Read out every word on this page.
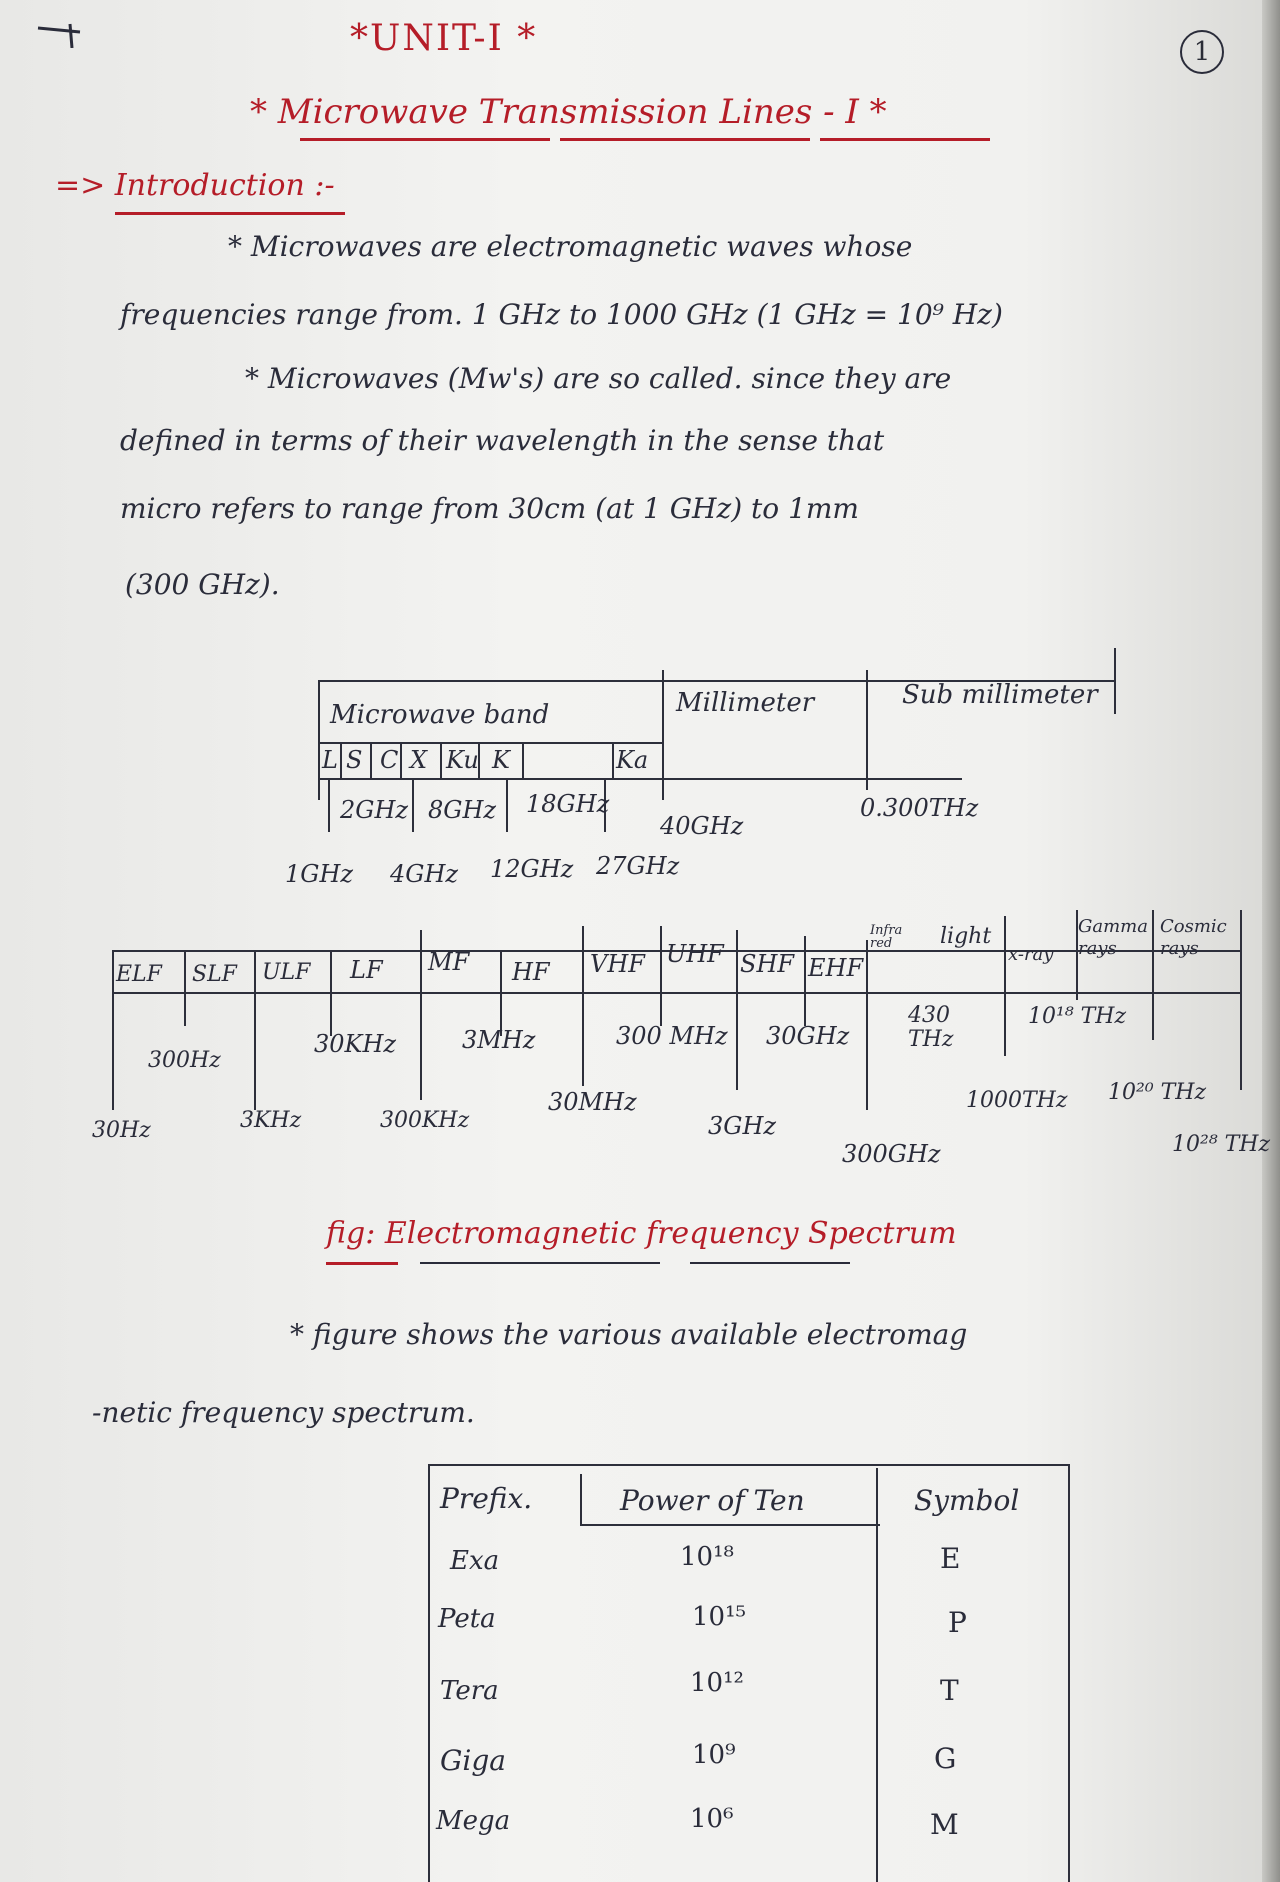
*UNIT-I *	1
* Microwave Transmission Lines - I *
=> Introduction :-
* Microwaves are electromagnetic waves whose
frequencies range from. 1 GHz to 1000 GHz (1 GHz = 10⁹ Hz)
* Microwaves (Mw's) are so called. since they are
defined in terms of their wavelength in the sense that
micro refers to range from 30cm (at 1 GHz) to 1mm
(300 GHz).
Microwave band	Millimeter	Sub millimeter
L S C X Ku K	Ka
2GHz 8GHz 18GHz
40GHz
0.300THz
1GHz 4GHz 12GHz 27GHz
ELF SLF ULF LF MF HF VHF UHF SHF EHF
Infra red	light
x-ray
Gamma rays
Cosmic rays
300Hz
30KHz	3MHz	300 MHz 30GHz
430 THz
10¹⁸ THz
30Hz	3KHz	300KHz
30MHz
3GHz
300GHz
1000THz 10²⁰ THz
10²⁸ THz
fig: Electromagnetic frequency Spectrum
* figure shows the various available electromag
-netic frequency spectrum.
Prefix.	Power of Ten	Symbol
Exa	10¹⁸	E
Peta	10¹⁵	P
Tera	10¹²	T
Giga	10⁹	G
Mega	10⁶	M
